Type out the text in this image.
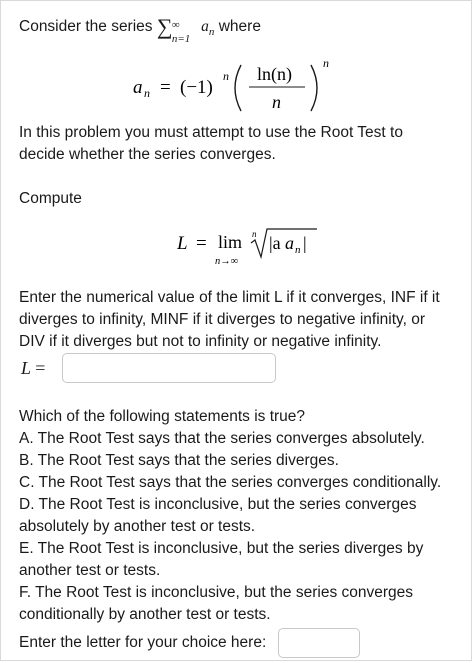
Consider the series ∑ ∞
n=1
$a_n$ where
a n = (−1)
n ln(n)
n
n
In this problem you must attempt to use the Root Test to
decide whether the series converges.
Compute
L = lim
n→∞
n |a a n |
Enter the numerical value of the limit L if it converges, INF if it
diverges to infinity, MINF if it diverges to negative infinity, or
DIV if it diverges but not to infinity or negative infinity.
L =
Which of the following statements is true?
A. The Root Test says that the series converges absolutely.
B. The Root Test says that the series diverges.
C. The Root Test says that the series converges conditionally.
D. The Root Test is inconclusive, but the series converges
absolutely by another test or tests.
E. The Root Test is inconclusive, but the series diverges by
another test or tests.
F. The Root Test is inconclusive, but the series converges
conditionally by another test or tests.
Enter the letter for your choice here:
